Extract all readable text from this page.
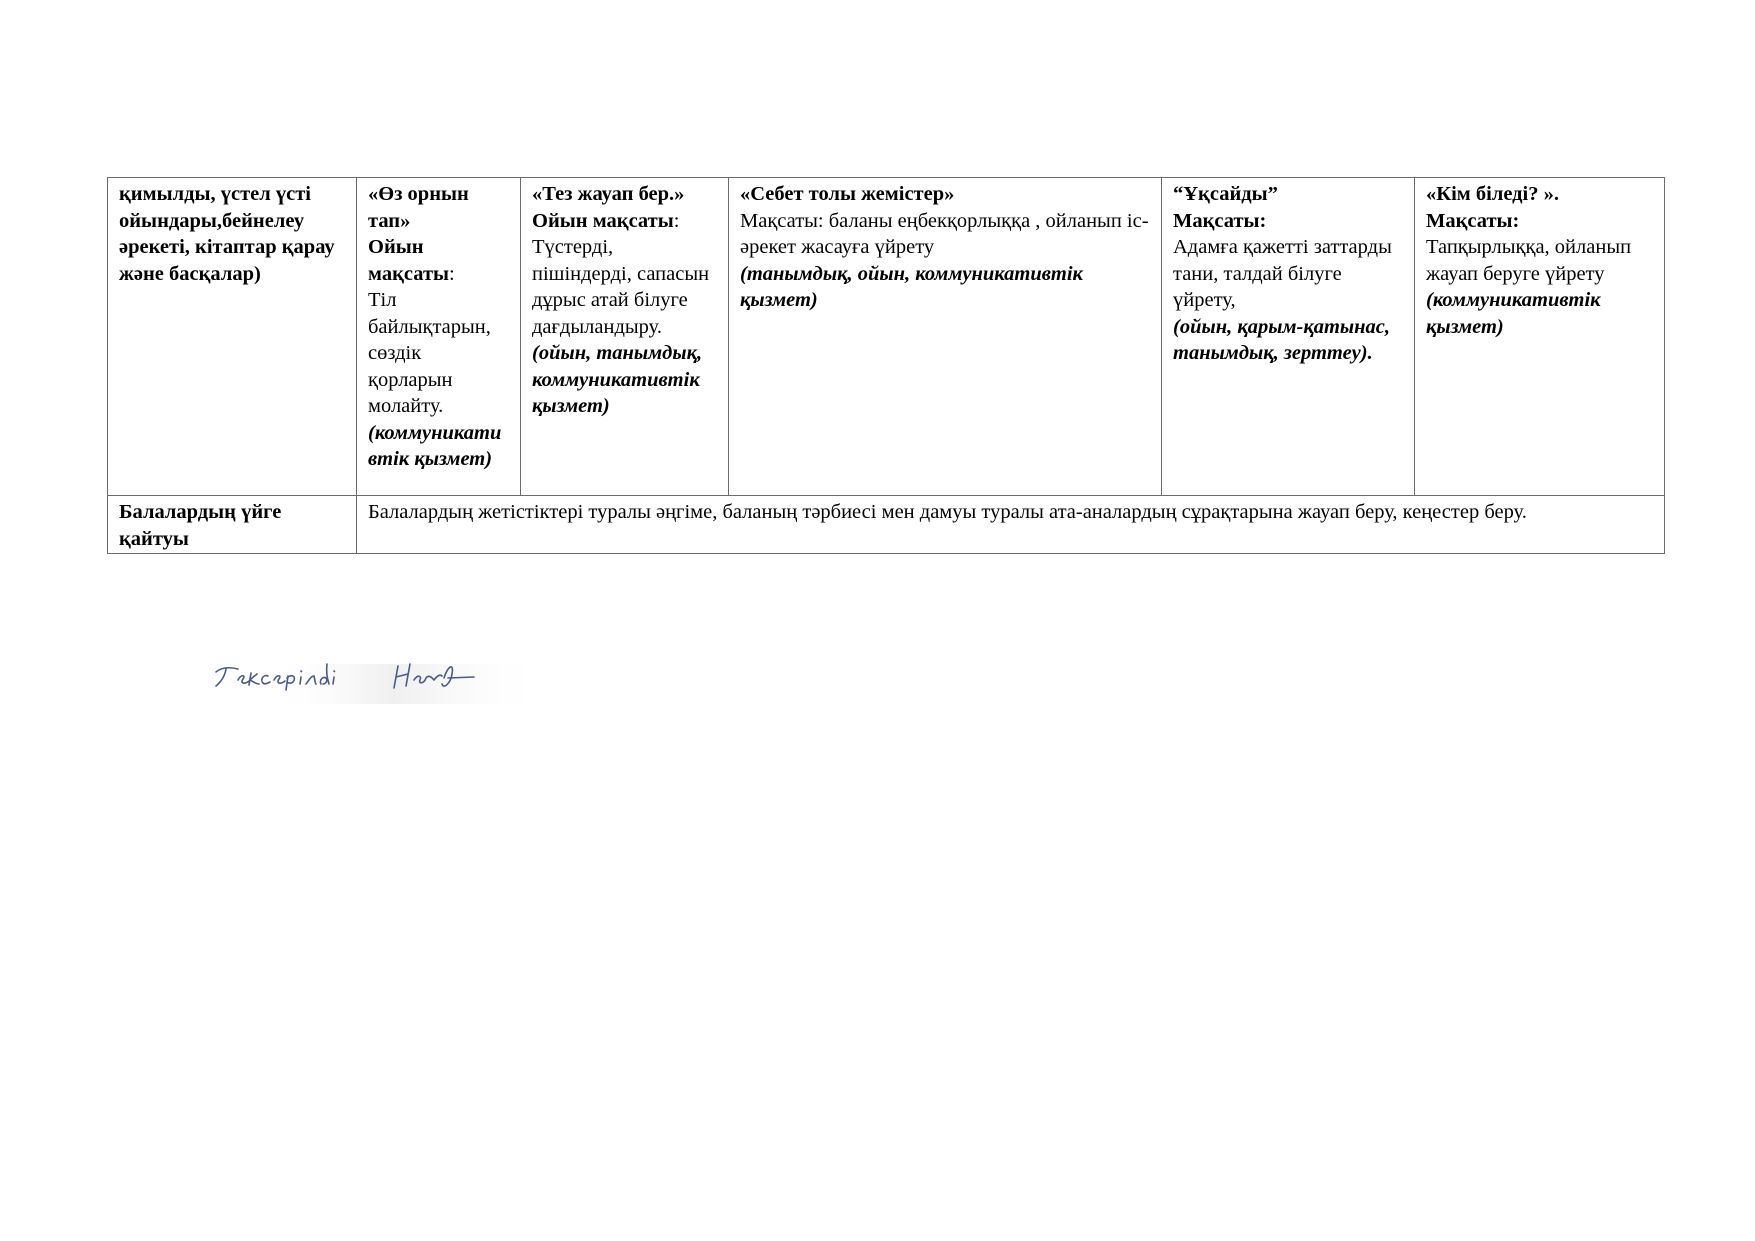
қимылды, үстел үсті ойындары,бейнелеу әрекеті, кітаптар қарау және басқалар)	«Өз орнын тап»
Ойын мақсаты:
Тіл байлықтарын, сөздік қорларын молайту.
(коммуникативтік қызмет)	«Тез жауап бер.»
Ойын мақсаты:
Түстерді, пішіндерді, сапасын дұрыс атай білуге дағдыландыру.
(ойын, танымдық, коммуникативтік қызмет)	«Себет толы жемістер»
Мақсаты: баланы еңбекқорлыққа , ойланып іс-әрекет жасауға үйрету
(танымдық, ойын, коммуникативтік қызмет)	“Ұқсайды”
Мақсаты:
Адамға қажетті заттарды тани, талдай білуге үйрету,
(ойын, қарым-қатынас, танымдық, зерттеу).	«Кім біледі? ».
Мақсаты:
Тапқырлыққа, ойланып жауап беруге үйрету
(коммуникативтік қызмет)

Балалардың үйге қайтуы	Балалардың жетістіктері туралы әңгіме, баланың тәрбиесі мен дамуы туралы ата-аналардың сұрақтарына жауап беру, кеңестер беру.				
